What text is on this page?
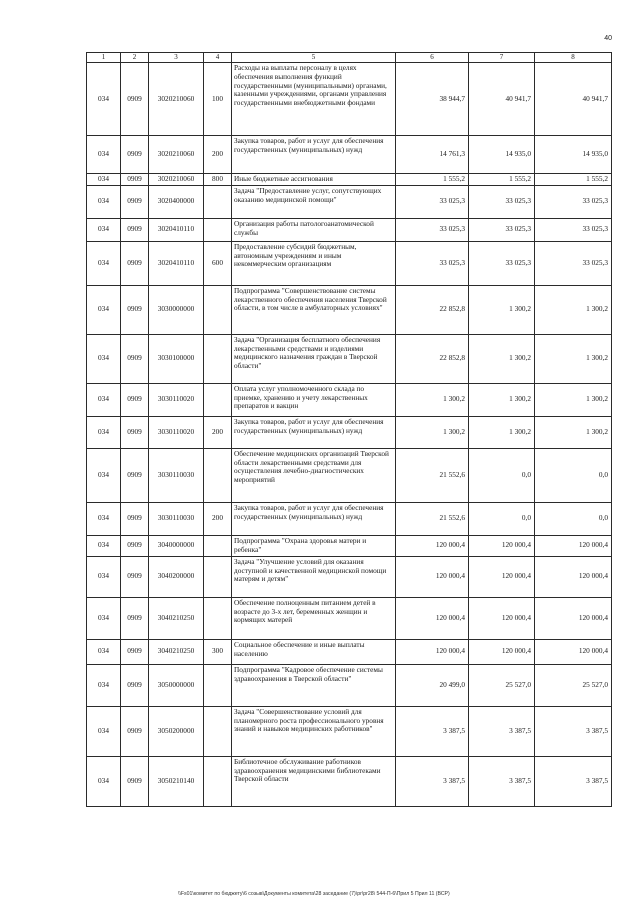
40
1	2	3	4	5	6	7	8
034	0909	3020210060	100	Расходы на выплаты персоналу в целях обеспечения выполнения функций государственными (муниципальными) органами, казенными учреждениями, органами управления государственными внебюджетными фондами	38 944,7	40 941,7	40 941,7
034	0909	3020210060	200	Закупка товаров, работ и услуг для обеспечения государственных (муниципальных) нужд	14 761,3	14 935,0	14 935,0
034	0909	3020210060	800	Иные бюджетные ассигнования	1 555,2	1 555,2	1 555,2
034	0909	3020400000		Задача "Предоставление услуг, сопутствующих оказанию медицинской помощи"	33 025,3	33 025,3	33 025,3
034	0909	3020410110		Организация работы патологоанатомической службы	33 025,3	33 025,3	33 025,3
034	0909	3020410110	600	Предоставление субсидий бюджетным, автономным учреждениям и иным некоммерческим организациям	33 025,3	33 025,3	33 025,3
034	0909	3030000000		Подпрограмма "Совершенствование системы лекарственного обеспечения населения Тверской области, в том числе в амбулаторных условиях"	22 852,8	1 300,2	1 300,2
034	0909	3030100000		Задача "Организация бесплатного обеспечения лекарственными средствами и изделиями медицинского назначения граждан в Тверской области"	22 852,8	1 300,2	1 300,2
034	0909	3030110020		Оплата услуг уполномоченного склада по приемке, хранению и учету лекарственных препаратов и вакцин	1 300,2	1 300,2	1 300,2
034	0909	3030110020	200	Закупка товаров, работ и услуг для обеспечения государственных (муниципальных) нужд	1 300,2	1 300,2	1 300,2
034	0909	3030110030		Обеспечение медицинских организаций Тверской области лекарственными средствами для осуществления лечебно-диагностических мероприятий	21 552,6	0,0	0,0
034	0909	3030110030	200	Закупка товаров, работ и услуг для обеспечения государственных (муниципальных) нужд	21 552,6	0,0	0,0
034	0909	3040000000		Подпрограмма "Охрана здоровья матери и ребенка"	120 000,4	120 000,4	120 000,4
034	0909	3040200000		Задача "Улучшение условий для оказания доступной и качественной медицинской помощи матерям и детям"	120 000,4	120 000,4	120 000,4
034	0909	3040210250		Обеспечение полноценным питанием детей в возрасте до 3-х лет, беременных женщин и кормящих матерей	120 000,4	120 000,4	120 000,4
034	0909	3040210250	300	Социальное обеспечение и иные выплаты населению	120 000,4	120 000,4	120 000,4
034	0909	3050000000		Подпрограмма "Кадровое обеспечение системы здравоохранения в Тверской области"	20 499,0	25 527,0	25 527,0
034	0909	3050200000		Задача "Совершенствование условий для планомерного роста профессионального уровня знаний и навыков медицинских работников"	3 387,5	3 387,5	3 387,5
034	0909	3050210140		Библиотечное обслуживание работников здравоохранения медицинскими библиотеками Тверской области	3 387,5	3 387,5	3 387,5
\\Fs01\комитет по бюджету\6 созыв\Документы комитета\28 заседание (7)\pr\pr28\ 544-П-6\Прил 5 Прил 11 (ВСР)
